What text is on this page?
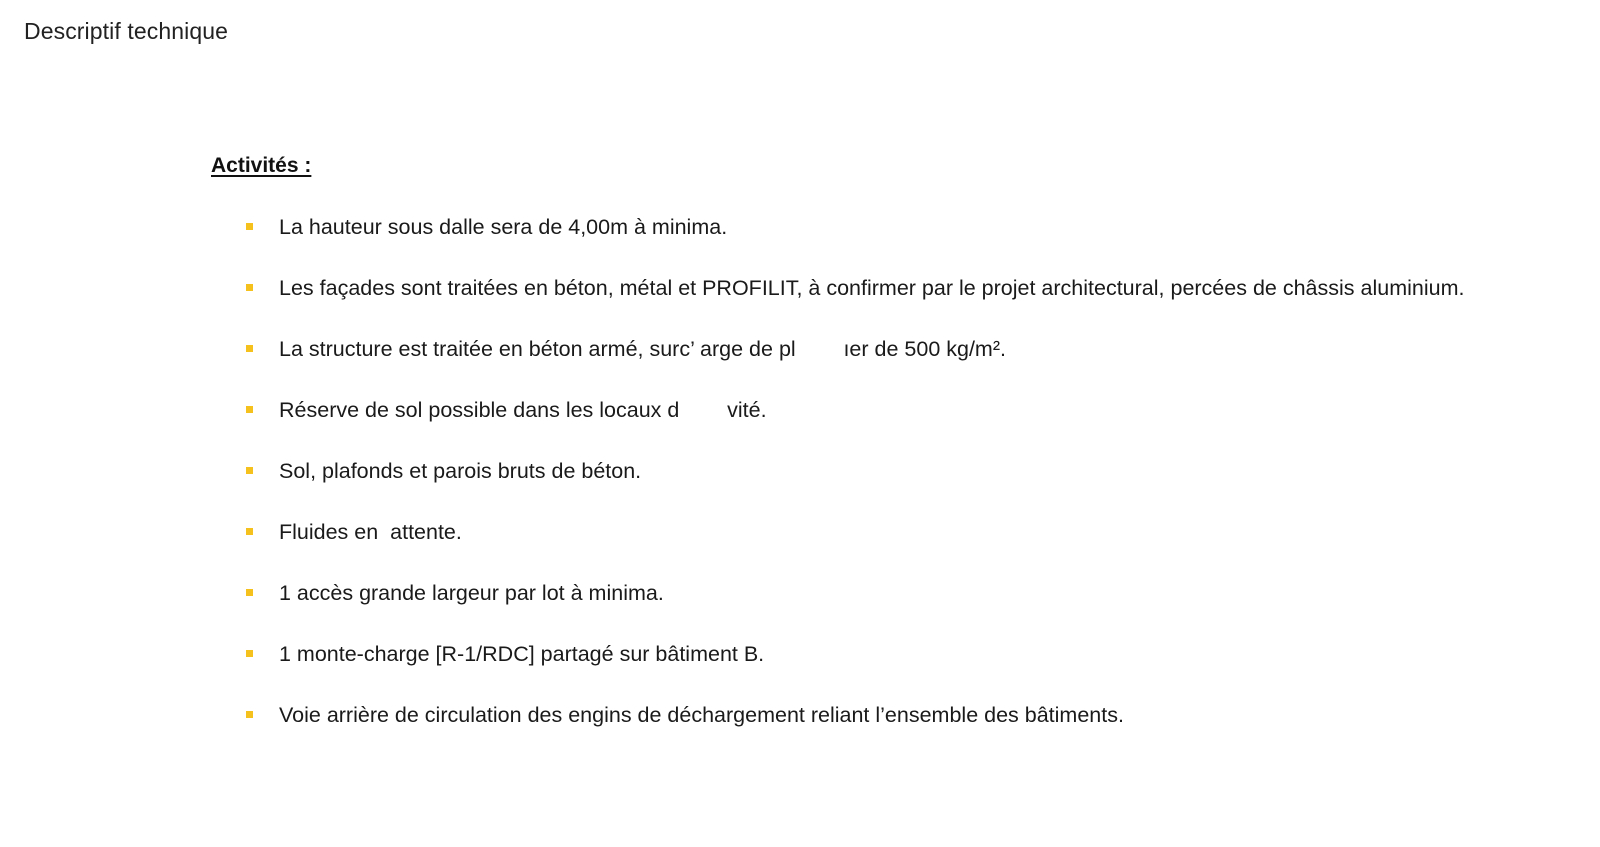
Descriptif technique
Activités :
La hauteur sous dalle sera de 4,00m à minima.
Les façades sont traitées en béton, métal et PROFILIT, à confirmer par le projet architectural, percées de châssis aluminium.
La structure est traitée en béton armé, surc’ arge de pl        ıer de 500 kg/m².
Réserve de sol possible dans les locaux d        vité.
Sol, plafonds et parois bruts de béton.
Fluides en  attente.
1 accès grande largeur par lot à minima.
1 monte-charge [R-1/RDC] partagé sur bâtiment B.
Voie arrière de circulation des engins de déchargement reliant l’ensemble des bâtiments.
